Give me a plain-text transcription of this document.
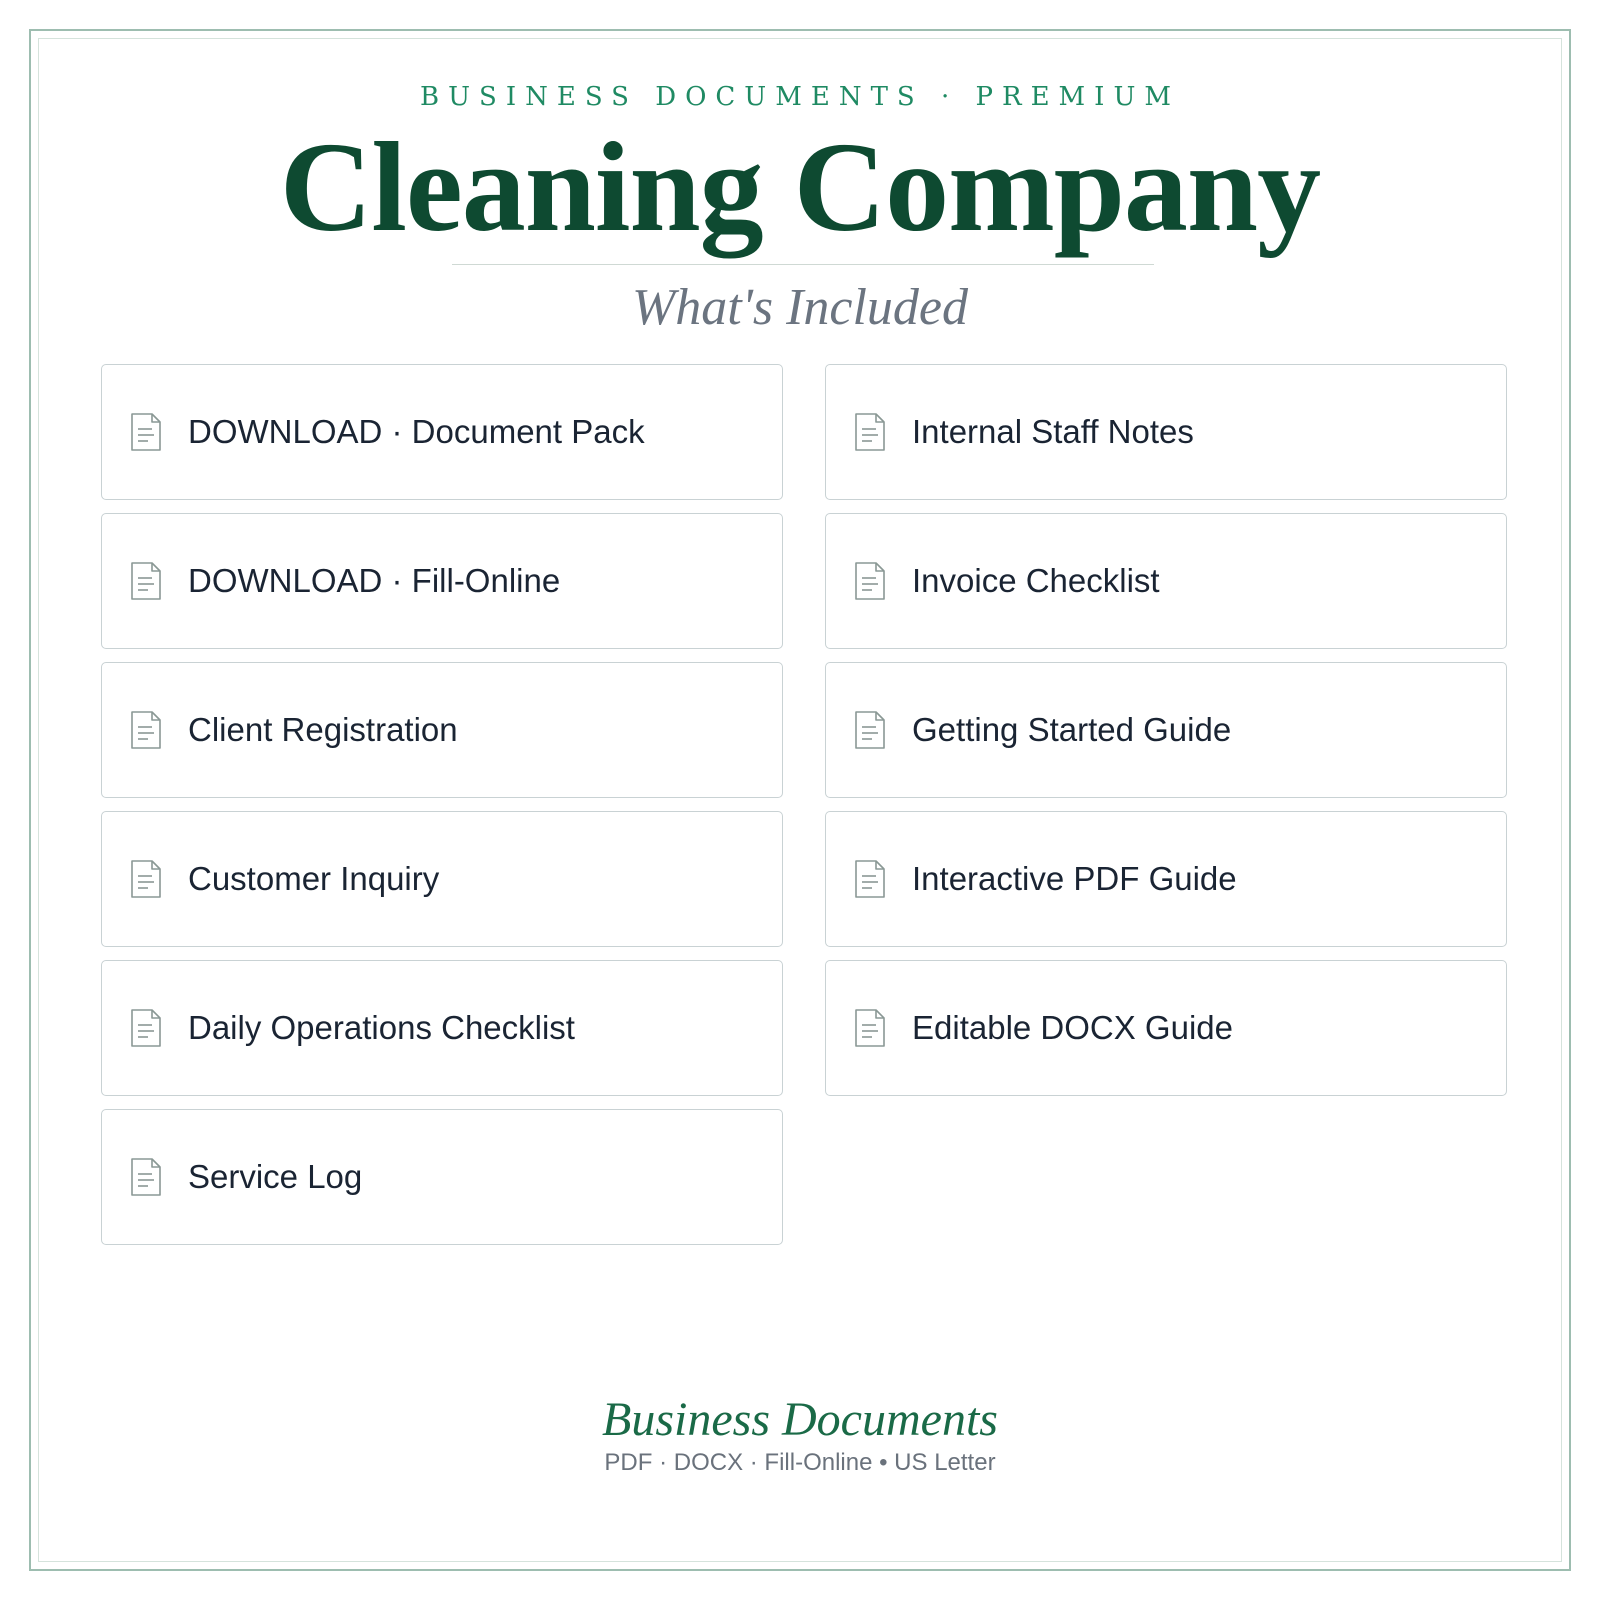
BUSINESS DOCUMENTS · PREMIUM
Cleaning Company
What's Included
DOWNLOAD · Document Pack	Internal Staff Notes
DOWNLOAD · Fill-Online	Invoice Checklist
Client Registration	Getting Started Guide
Customer Inquiry	Interactive PDF Guide
Daily Operations Checklist	Editable DOCX Guide
Service Log
Business Documents
PDF · DOCX · Fill-Online • US Letter
